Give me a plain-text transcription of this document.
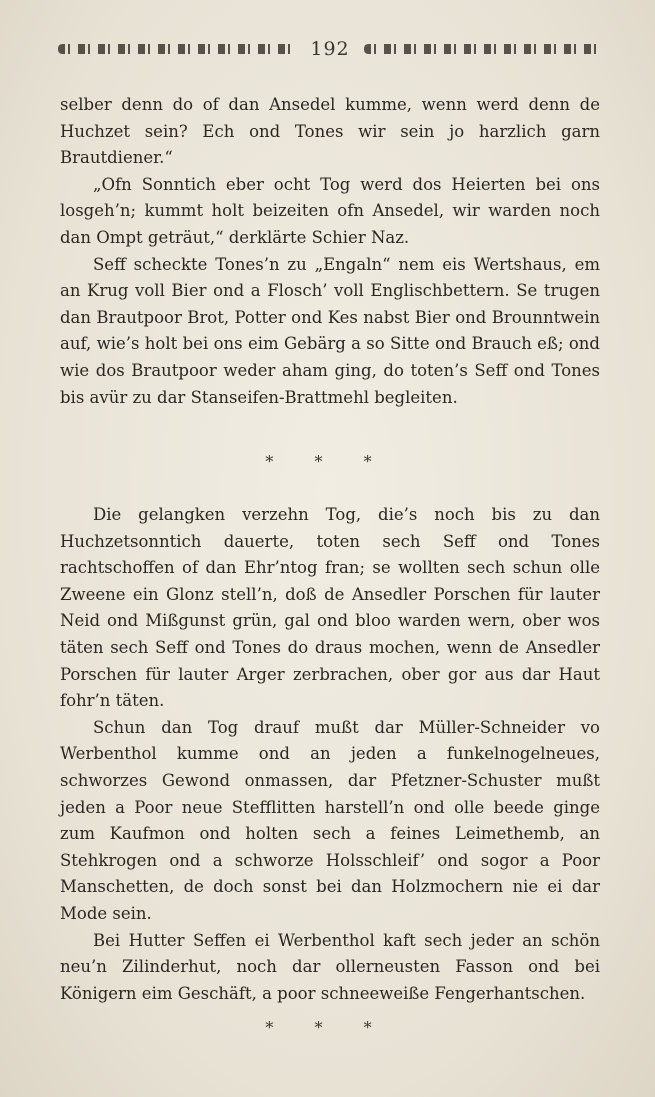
192

selber denn do of dan Ansedel kumme, wenn werd denn de Huchzet sein? Ech ond Tones wir sein jo harzlich garn Brautdiener.“

„Ofn Sonntich eber ocht Tog werd dos Heierten bei ons losgeh’n; kummt holt beizeiten ofn Ansedel, wir warden noch dan Ompt geträut,“ derklärte Schier Naz.

Seff scheckte Tones’n zu „Engaln“ nem eis Wertshaus, em an Krug voll Bier ond a Flosch’ voll Englischbettern. Se trugen dan Brautpoor Brot, Potter ond Kes nabst Bier ond Brounntwein auf, wie’s holt bei ons eim Gebärg a so Sitte ond Brauch eß; ond wie dos Brautpoor weder aham ging, do toten’s Seff ond Tones bis avür zu dar Stanseifen-Brattmehl begleiten.

* * *

Die gelangken verzehn Tog, die’s noch bis zu dan Huchzetsonntich dauerte, toten sech Seff ond Tones rachtschoffen of dan Ehr’ntog fran; se wollten sech schun olle Zweene ein Glonz stell’n, doß de Ansedler Porschen für lauter Neid ond Mißgunst grün, gal ond bloo warden wern, ober wos täten sech Seff ond Tones do draus mochen, wenn de Ansedler Porschen für lauter Arger zerbrachen, ober gor aus dar Haut fohr’n täten.

Schun dan Tog drauf mußt dar Müller-Schneider vo Werbenthol kumme ond an jeden a funkelnogelneues, schworzes Gewond onmassen, dar Pfetzner-Schuster mußt jeden a Poor neue Stefflitten harstell’n ond olle beede ginge zum Kaufmon ond holten sech a feines Leimethemb, an Stehkrogen ond a schworze Holsschleif’ ond sogor a Poor Manschetten, de doch sonst bei dan Holzmochern nie ei dar Mode sein.

Bei Hutter Seffen ei Werbenthol kaft sech jeder an schön neu’n Zilinderhut, noch dar ollerneusten Fasson ond bei Königern eim Geschäft, a poor schneeweiße Fengerhantschen.

* * *
